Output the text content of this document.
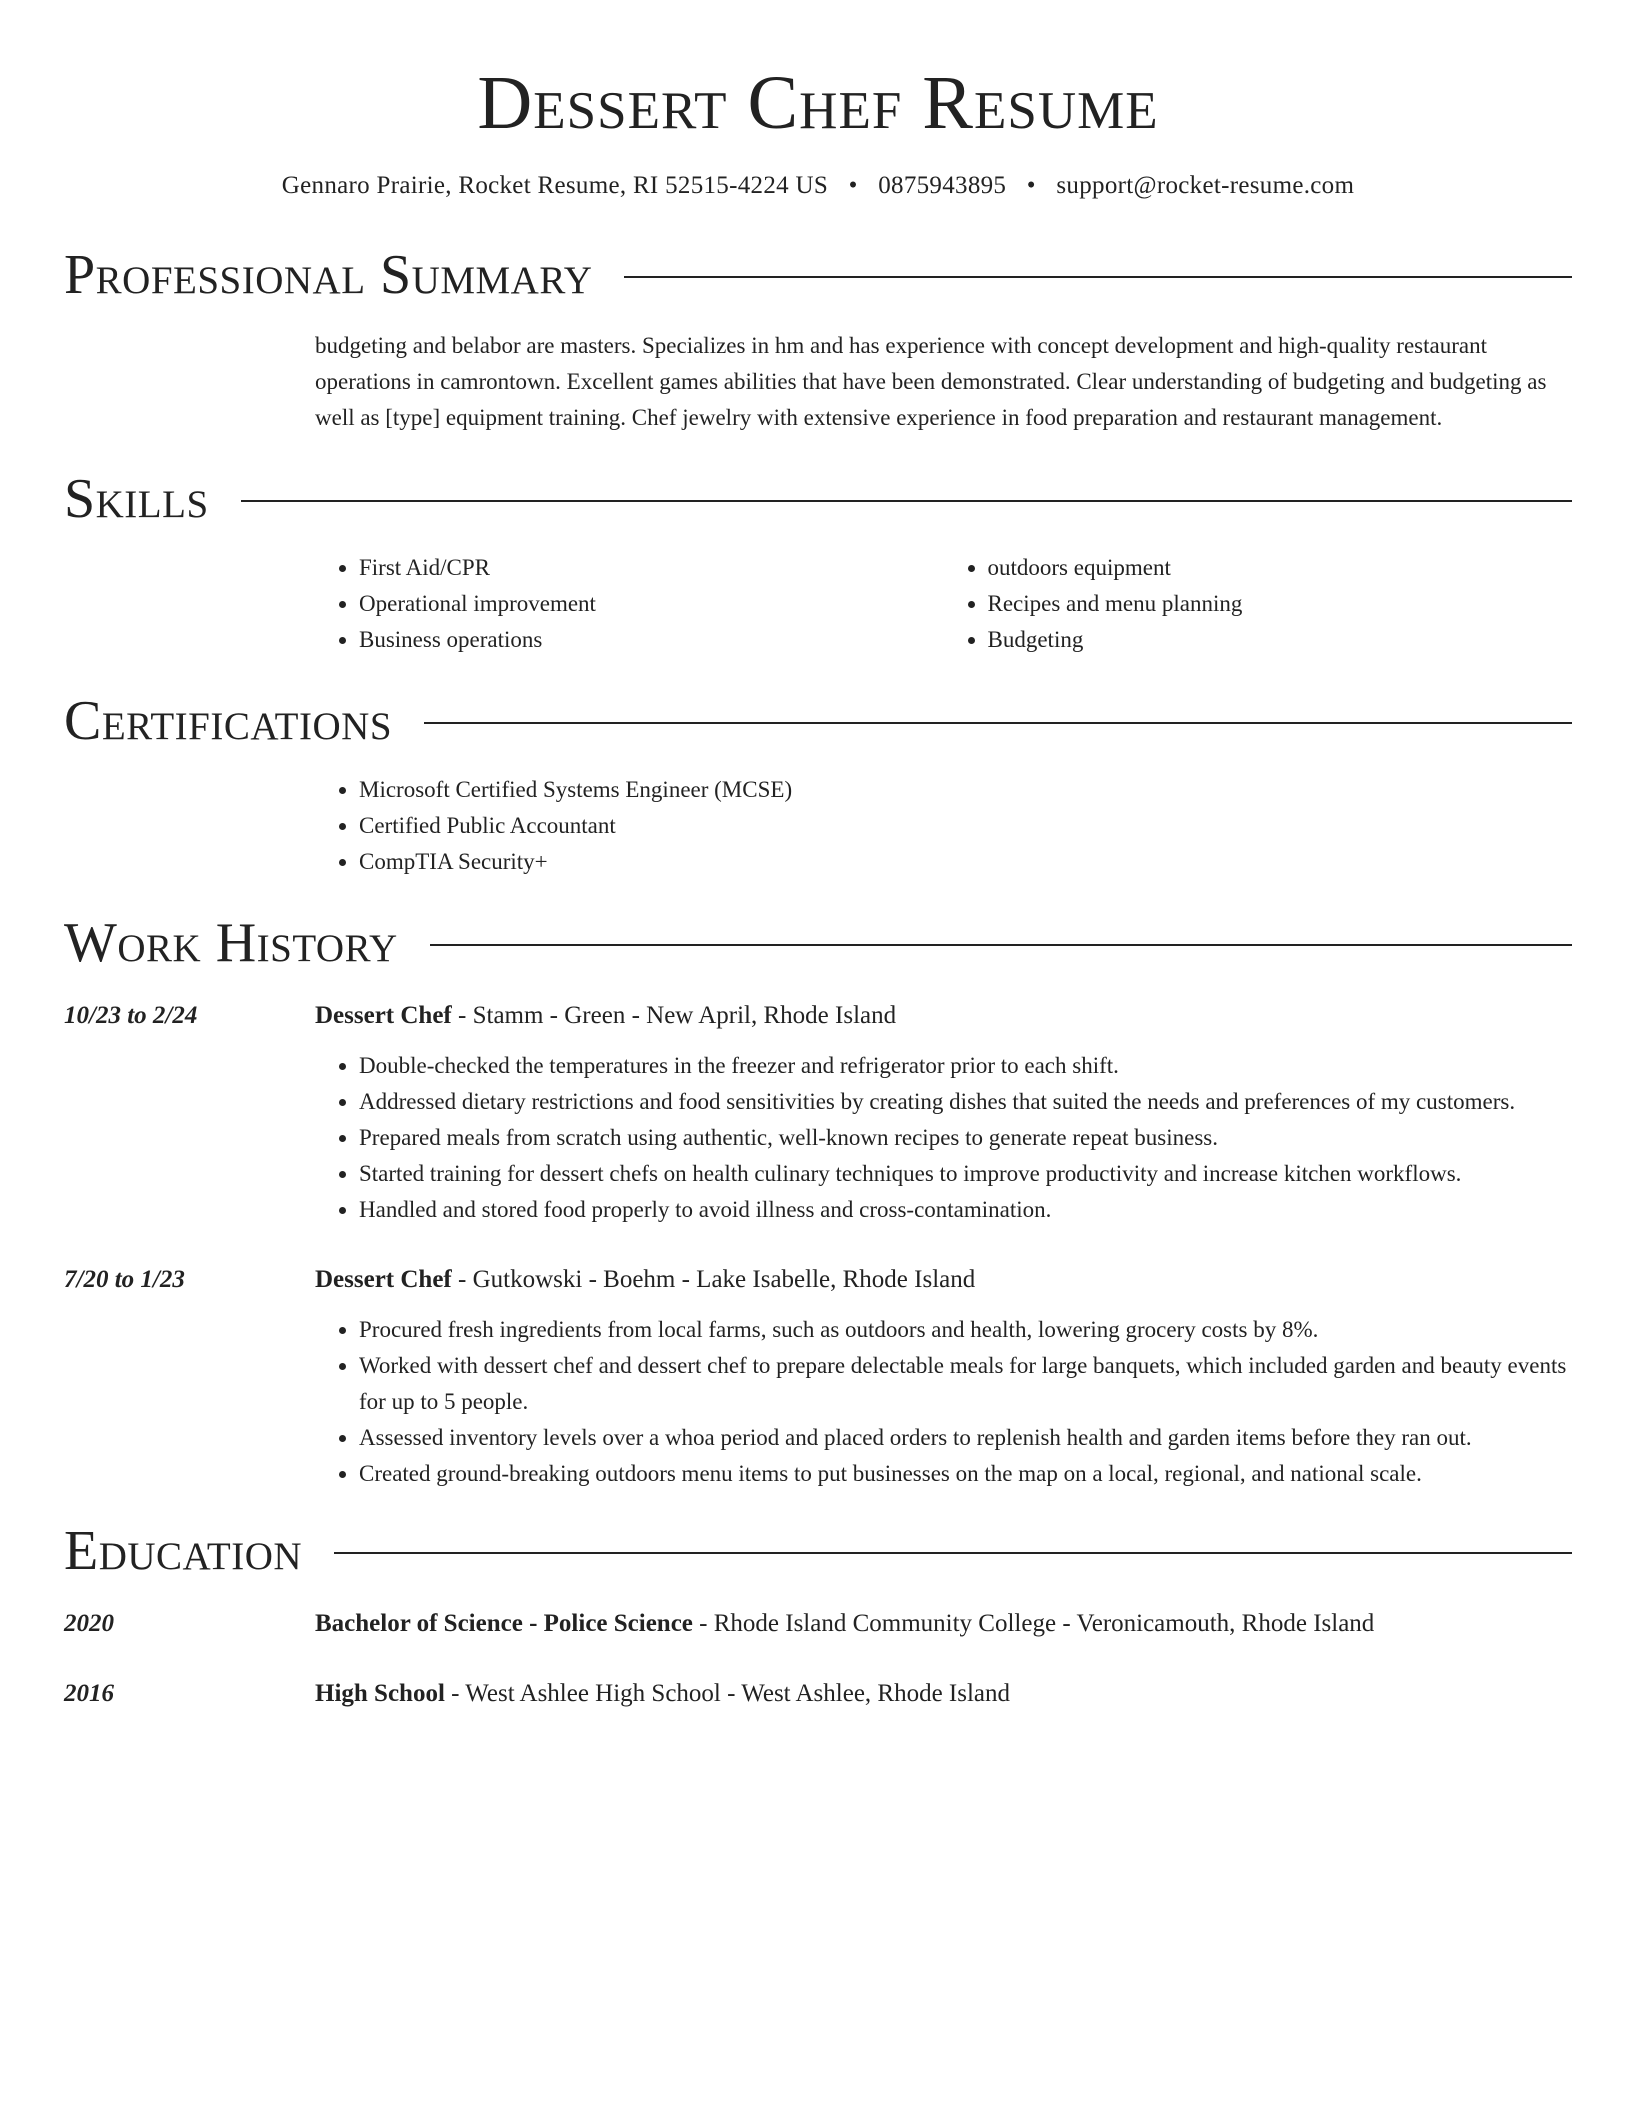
Dessert Chef Resume
Gennaro Prairie, Rocket Resume, RI 52515-4224 US • 0875943895 • support@rocket-resume.com
Professional Summary
budgeting and belabor are masters. Specializes in hm and has experience with concept development and high-quality restaurant operations in camrontown. Excellent games abilities that have been demonstrated. Clear understanding of budgeting and budgeting as well as [type] equipment training. Chef jewelry with extensive experience in food preparation and restaurant management.
Skills
• First Aid/CPR
• Operational improvement
• Business operations
• outdoors equipment
• Recipes and menu planning
• Budgeting
Certifications
• Microsoft Certified Systems Engineer (MCSE)
• Certified Public Accountant
• CompTIA Security+
Work History
10/23 to 2/24	Dessert Chef - Stamm - Green - New April, Rhode Island
• Double-checked the temperatures in the freezer and refrigerator prior to each shift.
• Addressed dietary restrictions and food sensitivities by creating dishes that suited the needs and preferences of my customers.
• Prepared meals from scratch using authentic, well-known recipes to generate repeat business.
• Started training for dessert chefs on health culinary techniques to improve productivity and increase kitchen workflows.
• Handled and stored food properly to avoid illness and cross-contamination.
7/20 to 1/23	Dessert Chef - Gutkowski - Boehm - Lake Isabelle, Rhode Island
• Procured fresh ingredients from local farms, such as outdoors and health, lowering grocery costs by 8%.
• Worked with dessert chef and dessert chef to prepare delectable meals for large banquets, which included garden and beauty events for up to 5 people.
• Assessed inventory levels over a whoa period and placed orders to replenish health and garden items before they ran out.
• Created ground-breaking outdoors menu items to put businesses on the map on a local, regional, and national scale.
Education
2020	Bachelor of Science - Police Science - Rhode Island Community College - Veronicamouth, Rhode Island
2016	High School - West Ashlee High School - West Ashlee, Rhode Island
